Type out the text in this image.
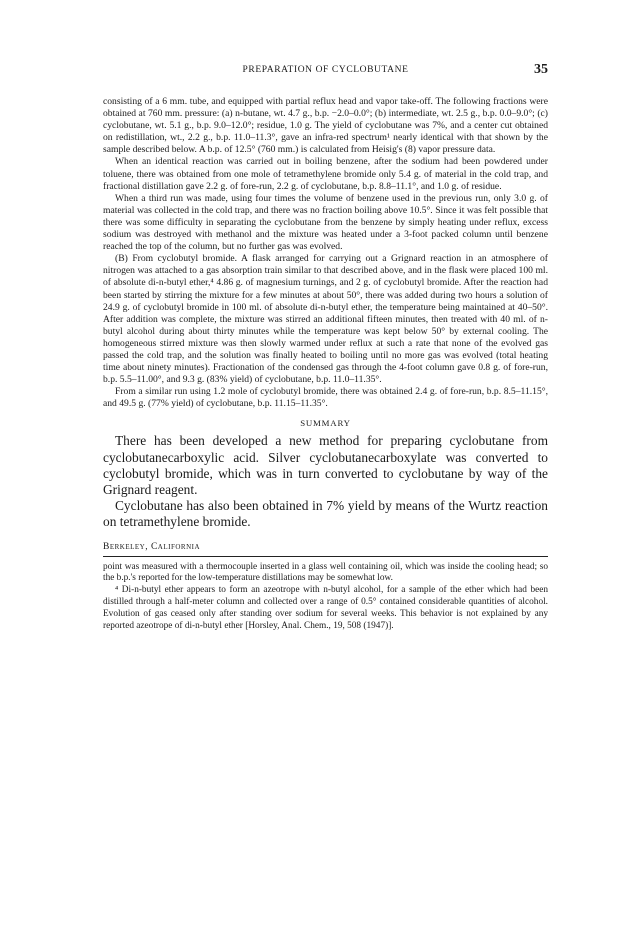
PREPARATION OF CYCLOBUTANE	35

consisting of a 6 mm. tube, and equipped with partial reflux head and vapor take-off. The following fractions were obtained at 760 mm. pressure: (a) n-butane, wt. 4.7 g., b.p. −2.0–0.0°; (b) intermediate, wt. 2.5 g., b.p. 0.0–9.0°; (c) cyclobutane, wt. 5.1 g., b.p. 9.0–12.0°; residue, 1.0 g. The yield of cyclobutane was 7%, and a center cut obtained on redistillation, wt., 2.2 g., b.p. 11.0–11.3°, gave an infra-red spectrum¹ nearly identical with that shown by the sample described below. A b.p. of 12.5° (760 mm.) is calculated from Heisig's (8) vapor pressure data.

When an identical reaction was carried out in boiling benzene, after the sodium had been powdered under toluene, there was obtained from one mole of tetramethylene bromide only 5.4 g. of material in the cold trap, and fractional distillation gave 2.2 g. of fore-run, 2.2 g. of cyclobutane, b.p. 8.8–11.1°, and 1.0 g. of residue.

When a third run was made, using four times the volume of benzene used in the previous run, only 3.0 g. of material was collected in the cold trap, and there was no fraction boiling above 10.5°. Since it was felt possible that there was some difficulty in separating the cyclobutane from the benzene by simply heating under reflux, excess sodium was destroyed with methanol and the mixture was heated under a 3-foot packed column until benzene reached the top of the column, but no further gas was evolved.

(B) From cyclobutyl bromide. A flask arranged for carrying out a Grignard reaction in an atmosphere of nitrogen was attached to a gas absorption train similar to that described above, and in the flask were placed 100 ml. of absolute di-n-butyl ether,⁴ 4.86 g. of magnesium turnings, and 2 g. of cyclobutyl bromide. After the reaction had been started by stirring the mixture for a few minutes at about 50°, there was added during two hours a solution of 24.9 g. of cyclobutyl bromide in 100 ml. of absolute di-n-butyl ether, the temperature being maintained at 40–50°. After addition was complete, the mixture was stirred an additional fifteen minutes, then treated with 40 ml. of n-butyl alcohol during about thirty minutes while the temperature was kept below 50° by external cooling. The homogeneous stirred mixture was then slowly warmed under reflux at such a rate that none of the evolved gas passed the cold trap, and the solution was finally heated to boiling until no more gas was evolved (total heating time about ninety minutes). Fractionation of the condensed gas through the 4-foot column gave 0.8 g. of fore-run, b.p. 5.5–11.00°, and 9.3 g. (83% yield) of cyclobutane, b.p. 11.0–11.35°.

From a similar run using 1.2 mole of cyclobutyl bromide, there was obtained 2.4 g. of fore-run, b.p. 8.5–11.15°, and 49.5 g. (77% yield) of cyclobutane, b.p. 11.15–11.35°.

SUMMARY

There has been developed a new method for preparing cyclobutane from cyclobutanecarboxylic acid. Silver cyclobutanecarboxylate was converted to cyclobutyl bromide, which was in turn converted to cyclobutane by way of the Grignard reagent.

Cyclobutane has also been obtained in 7% yield by means of the Wurtz reaction on tetramethylene bromide.

Berkeley, California

point was measured with a thermocouple inserted in a glass well containing oil, which was inside the cooling head; so the b.p.'s reported for the low-temperature distillations may be somewhat low.

⁴ Di-n-butyl ether appears to form an azeotrope with n-butyl alcohol, for a sample of the ether which had been distilled through a half-meter column and collected over a range of 0.5° contained considerable quantities of alcohol. Evolution of gas ceased only after standing over sodium for several weeks. This behavior is not explained by any reported azeotrope of di-n-butyl ether [Horsley, Anal. Chem., 19, 508 (1947)].
